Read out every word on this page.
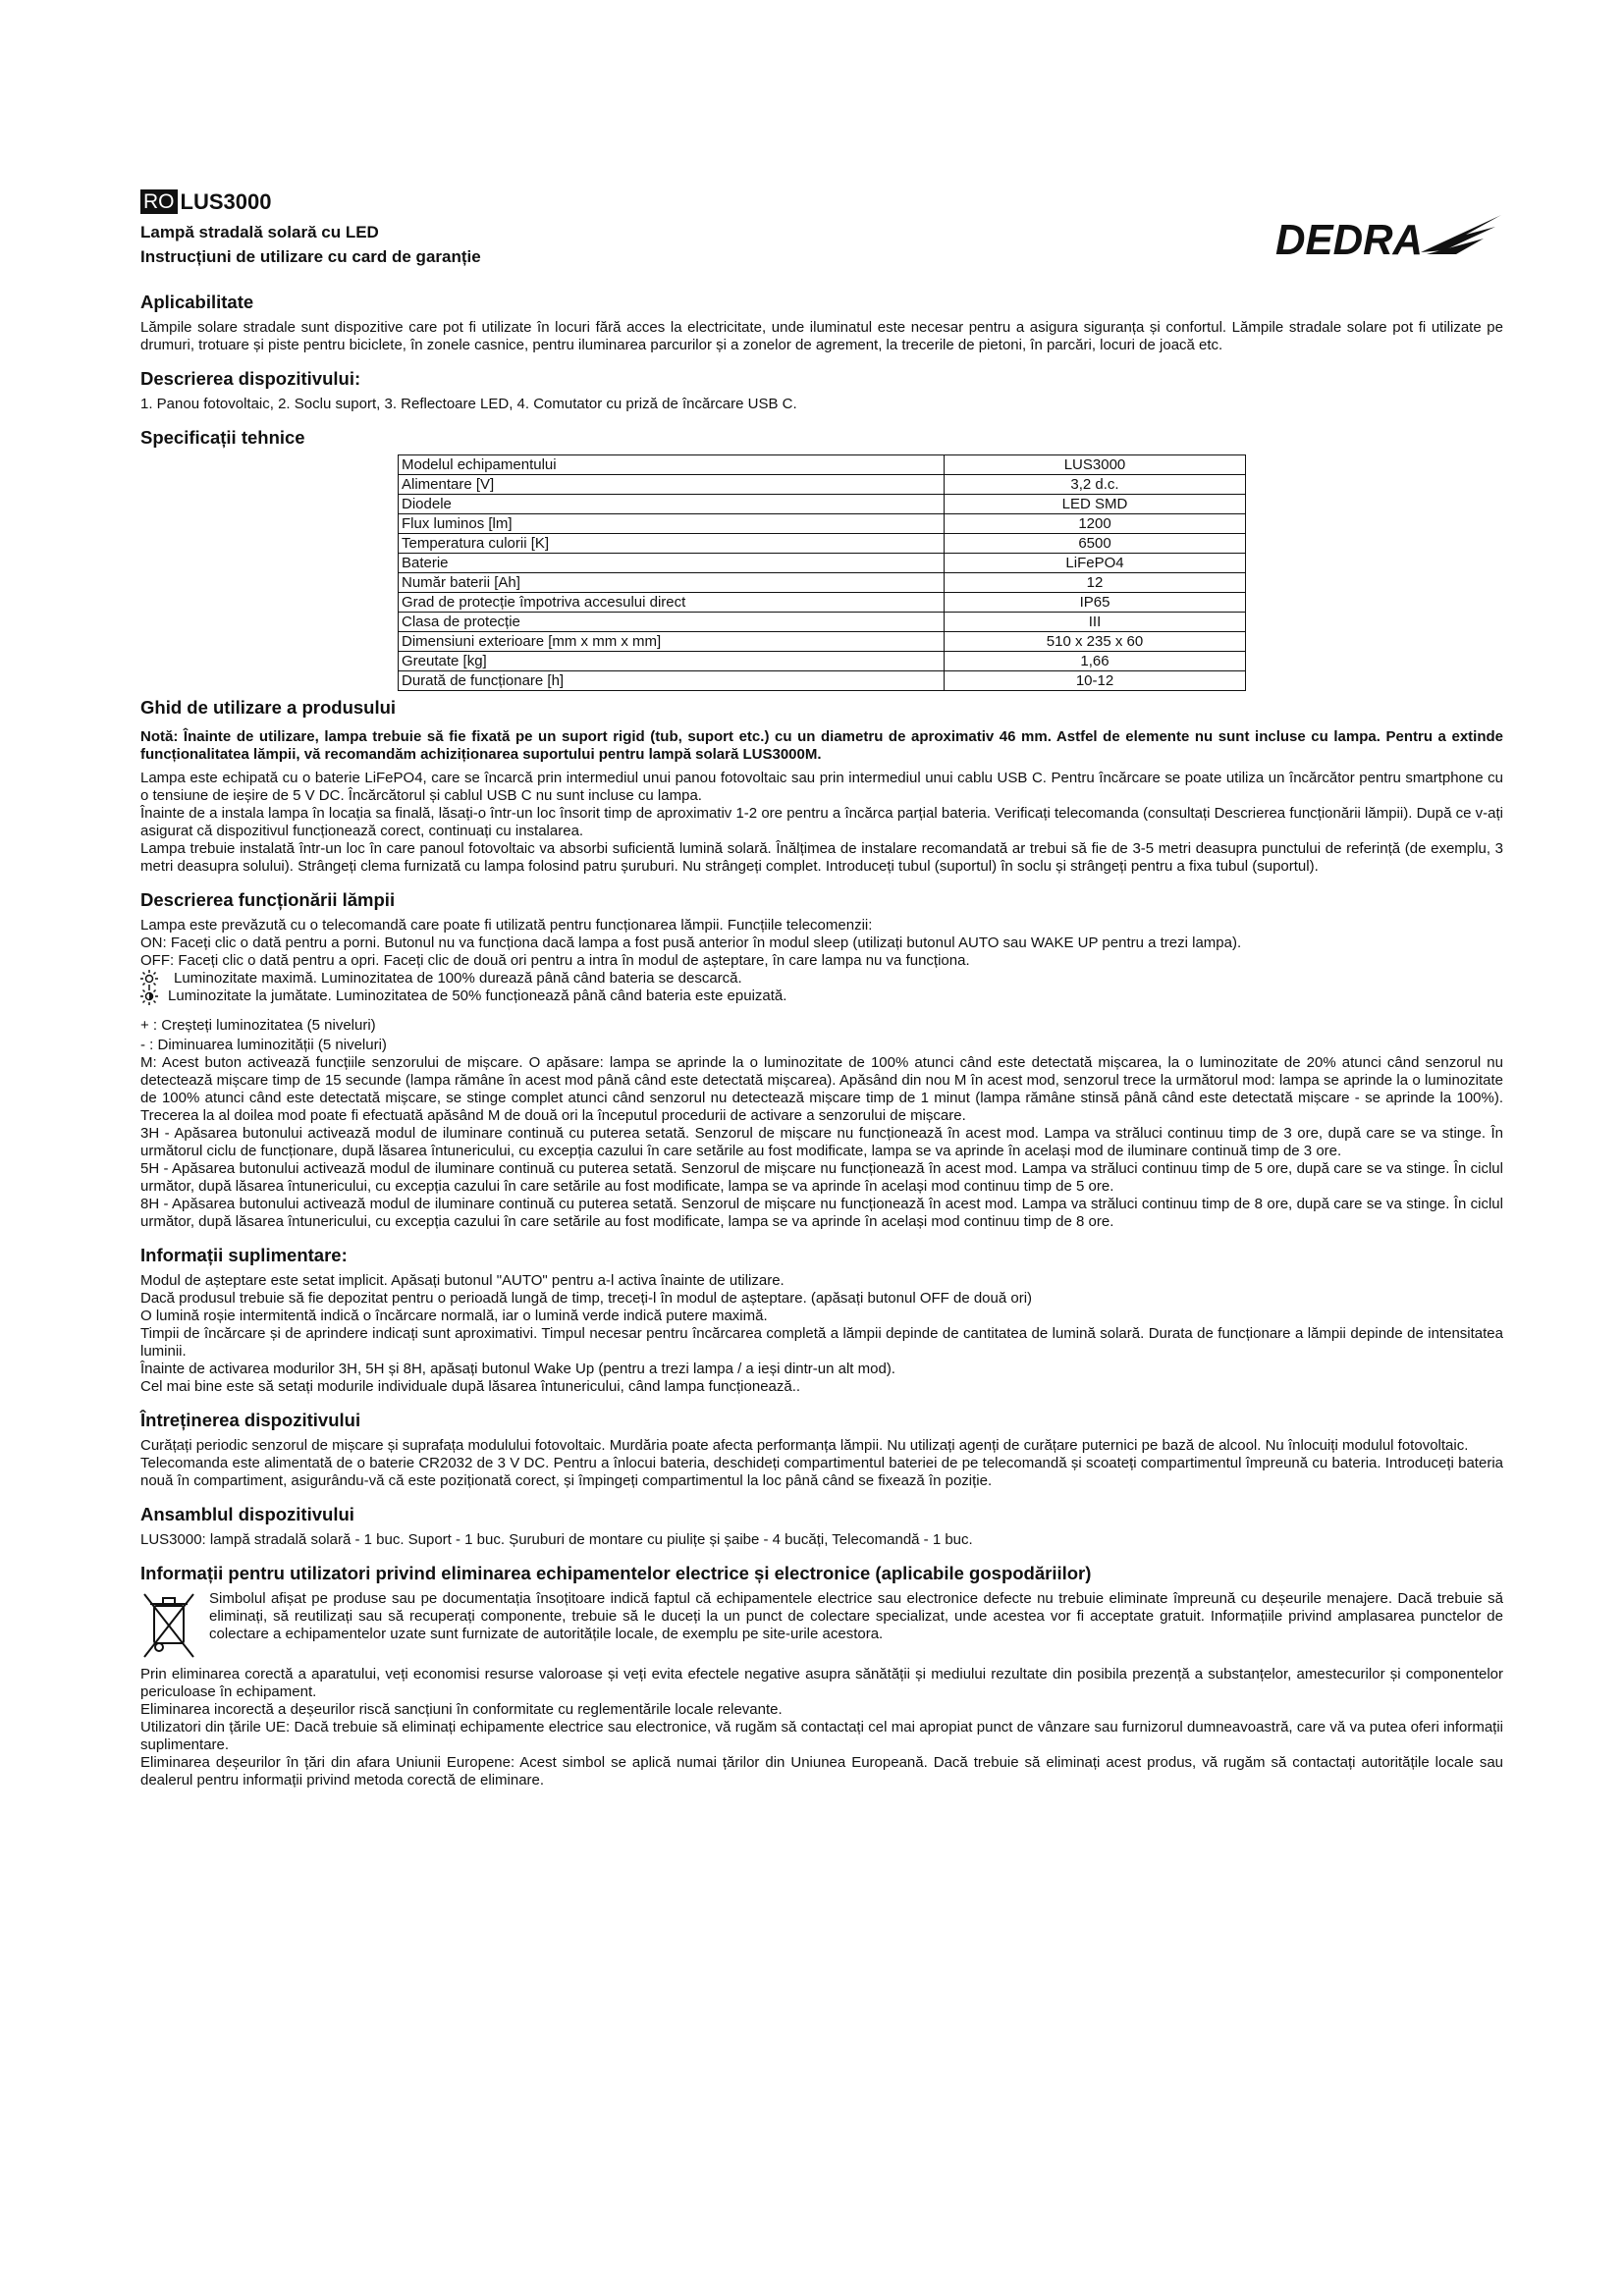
RO LUS3000
Lampă stradală solară cu LED
Instrucțiuni de utilizare cu card de garanție	DEDRA
Aplicabilitate

Lămpile solare stradale sunt dispozitive care pot fi utilizate în locuri fără acces la electricitate, unde iluminatul este necesar pentru a asigura siguranța și confortul. Lămpile stradale solare pot fi utilizate pe drumuri, trotuare și piste pentru biciclete, în zonele casnice, pentru iluminarea parcurilor și a zonelor de agrement, la trecerile de pietoni, în parcări, locuri de joacă etc.

Descrierea dispozitivului:

1. Panou fotovoltaic, 2. Soclu suport, 3. Reflectoare LED, 4. Comutator cu priză de încărcare USB C.

Specificații tehnice
Modelul echipamentului	LUS3000
Alimentare [V]	3,2 d.c.
Diodele	LED SMD
Flux luminos [lm]	1200
Temperatura culorii [K]	6500
Baterie	LiFePO4
Număr baterii [Ah]	12
Grad de protecție împotriva accesului direct	IP65
Clasa de protecție	III
Dimensiuni exterioare [mm x mm x mm]	510 x 235 x 60
Greutate [kg]	1,66
Durată de funcționare [h]	10-12
Ghid de utilizare a produsului

Notă: Înainte de utilizare, lampa trebuie să fie fixată pe un suport rigid (tub, suport etc.) cu un diametru de aproximativ 46 mm. Astfel de elemente nu sunt incluse cu lampa. Pentru a extinde funcționalitatea lămpii, vă recomandăm achiziționarea suportului pentru lampă solară LUS3000M.

Lampa este echipată cu o baterie LiFePO4, care se încarcă prin intermediul unui panou fotovoltaic sau prin intermediul unui cablu USB C. Pentru încărcare se poate utiliza un încărcător pentru smartphone cu o tensiune de ieșire de 5 V DC. Încărcătorul și cablul USB C nu sunt incluse cu lampa.

Înainte de a instala lampa în locația sa finală, lăsați-o într-un loc însorit timp de aproximativ 1-2 ore pentru a încărca parțial bateria. Verificați telecomanda (consultați Descrierea funcționării lămpii). După ce v-ați asigurat că dispozitivul funcționează corect, continuați cu instalarea.

Lampa trebuie instalată într-un loc în care panoul fotovoltaic va absorbi suficientă lumină solară. Înălțimea de instalare recomandată ar trebui să fie de 3-5 metri deasupra punctului de referință (de exemplu, 3 metri deasupra solului). Strângeți clema furnizată cu lampa folosind patru șuruburi. Nu strângeți complet. Introduceți tubul (suportul) în soclu și strângeți pentru a fixa tubul (suportul).

Descrierea funcționării lămpii

Lampa este prevăzută cu o telecomandă care poate fi utilizată pentru funcționarea lămpii. Funcțiile telecomenzii:

ON: Faceți clic o dată pentru a porni. Butonul nu va funcționa dacă lampa a fost pusă anterior în modul sleep (utilizați butonul AUTO sau WAKE UP pentru a trezi lampa).

OFF: Faceți clic o dată pentru a opri. Faceți clic de două ori pentru a intra în modul de așteptare, în care lampa nu va funcționa.

Luminozitate maximă. Luminozitatea de 100% durează până când bateria se descarcă.
Luminozitate la jumătate. Luminozitatea de 50% funcționează până când bateria este epuizată.

+ : Creșteți luminozitatea (5 niveluri)

- : Diminuarea luminozității (5 niveluri)

M: Acest buton activează funcțiile senzorului de mișcare. O apăsare: lampa se aprinde la o luminozitate de 100% atunci când este detectată mișcarea, la o luminozitate de 20% atunci când senzorul nu detectează mișcare timp de 15 secunde (lampa rămâne în acest mod până când este detectată mișcarea). Apăsând din nou M în acest mod, senzorul trece la următorul mod: lampa se aprinde la o luminozitate de 100% atunci când este detectată mișcare, se stinge complet atunci când senzorul nu detectează mișcare timp de 1 minut (lampa rămâne stinsă până când este detectată mișcare - se aprinde la 100%). Trecerea la al doilea mod poate fi efectuată apăsând M de două ori la începutul procedurii de activare a senzorului de mișcare.

3H - Apăsarea butonului activează modul de iluminare continuă cu puterea setată. Senzorul de mișcare nu funcționează în acest mod. Lampa va străluci continuu timp de 3 ore, după care se va stinge. În următorul ciclu de funcționare, după lăsarea întunericului, cu excepția cazului în care setările au fost modificate, lampa se va aprinde în același mod de iluminare continuă timp de 3 ore.

5H - Apăsarea butonului activează modul de iluminare continuă cu puterea setată. Senzorul de mișcare nu funcționează în acest mod. Lampa va străluci continuu timp de 5 ore, după care se va stinge. În ciclul următor, după lăsarea întunericului, cu excepția cazului în care setările au fost modificate, lampa se va aprinde în același mod continuu timp de 5 ore.

8H - Apăsarea butonului activează modul de iluminare continuă cu puterea setată. Senzorul de mișcare nu funcționează în acest mod. Lampa va străluci continuu timp de 8 ore, după care se va stinge. În ciclul următor, după lăsarea întunericului, cu excepția cazului în care setările au fost modificate, lampa se va aprinde în același mod continuu timp de 8 ore.

Informații suplimentare:

Modul de așteptare este setat implicit. Apăsați butonul "AUTO" pentru a-l activa înainte de utilizare.

Dacă produsul trebuie să fie depozitat pentru o perioadă lungă de timp, treceți-l în modul de așteptare. (apăsați butonul OFF de două ori)

O lumină roșie intermitentă indică o încărcare normală, iar o lumină verde indică putere maximă.

Timpii de încărcare și de aprindere indicați sunt aproximativi. Timpul necesar pentru încărcarea completă a lămpii depinde de cantitatea de lumină solară. Durata de funcționare a lămpii depinde de intensitatea luminii.

Înainte de activarea modurilor 3H, 5H și 8H, apăsați butonul Wake Up (pentru a trezi lampa / a ieși dintr-un alt mod).

Cel mai bine este să setați modurile individuale după lăsarea întunericului, când lampa funcționează..

Întreținerea dispozitivului

Curățați periodic senzorul de mișcare și suprafața modulului fotovoltaic. Murdăria poate afecta performanța lămpii. Nu utilizați agenți de curățare puternici pe bază de alcool. Nu înlocuiți modulul fotovoltaic.

Telecomanda este alimentată de o baterie CR2032 de 3 V DC. Pentru a înlocui bateria, deschideți compartimentul bateriei de pe telecomandă și scoateți compartimentul împreună cu bateria. Introduceți bateria nouă în compartiment, asigurându-vă că este poziționată corect, și împingeți compartimentul la loc până când se fixează în poziție.

Ansamblul dispozitivului

LUS3000: lampă stradală solară - 1 buc. Suport - 1 buc. Șuruburi de montare cu piulițe și șaibe - 4 bucăți, Telecomandă - 1 buc.

Informații pentru utilizatori privind eliminarea echipamentelor electrice și electronice (aplicabile gospodăriilor)

Simbolul afișat pe produse sau pe documentația însoțitoare indică faptul că echipamentele electrice sau electronice defecte nu trebuie eliminate împreună cu deșeurile menajere. Dacă trebuie să eliminați, să reutilizați sau să recuperați componente, trebuie să le duceți la un punct de colectare specializat, unde acestea vor fi acceptate gratuit. Informațiile privind amplasarea punctelor de colectare a echipamentelor uzate sunt furnizate de autoritățile locale, de exemplu pe site-urile acestora.

Prin eliminarea corectă a aparatului, veți economisi resurse valoroase și veți evita efectele negative asupra sănătății și mediului rezultate din posibila prezență a substanțelor, amestecurilor și componentelor periculoase în echipament.

Eliminarea incorectă a deșeurilor riscă sancțiuni în conformitate cu reglementările locale relevante.

Utilizatori din țările UE: Dacă trebuie să eliminați echipamente electrice sau electronice, vă rugăm să contactați cel mai apropiat punct de vânzare sau furnizorul dumneavoastră, care vă va putea oferi informații suplimentare.

Eliminarea deșeurilor în țări din afara Uniunii Europene: Acest simbol se aplică numai țărilor din Uniunea Europeană. Dacă trebuie să eliminați acest produs, vă rugăm să contactați autoritățile locale sau dealerul pentru informații privind metoda corectă de eliminare.
